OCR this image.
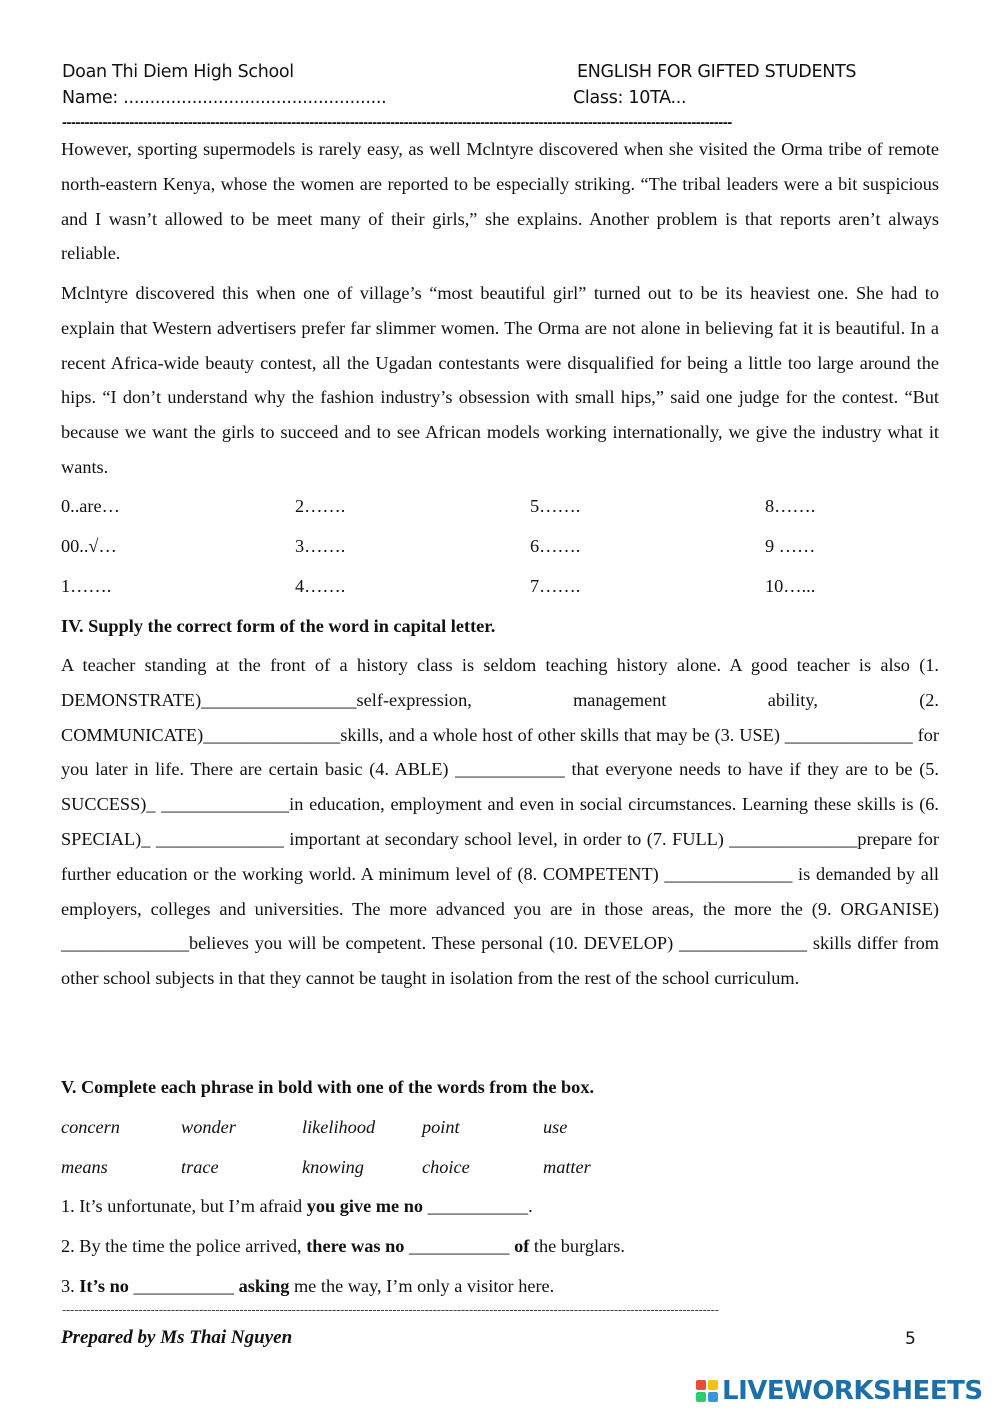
Doan Thi Diem High School	ENGLISH FOR GIFTED STUDENTS
Name: ..................................................	Class: 10TA...
-----------------------------------------------------------------------------------------------------------------------------------------------------

However, sporting supermodels is rarely easy, as well Mclntyre discovered when she visited the Orma tribe of remote north-eastern Kenya, whose the women are reported to be especially striking. “The tribal leaders were a bit suspicious and I wasn’t allowed to be meet many of their girls,” she explains. Another problem is that reports aren’t always reliable.

Mclntyre discovered this when one of village’s “most beautiful girl” turned out to be its heaviest one. She had to explain that Western advertisers prefer far slimmer women. The Orma are not alone in believing fat it is beautiful. In a recent Africa-wide beauty contest, all the Ugadan contestants were disqualified for being a little too large around the hips. “I don’t understand why the fashion industry’s obsession with small hips,” said one judge for the contest. “But because we want the girls to succeed and to see African models working internationally, we give the industry what it wants.

0..are…	2…….	5…….	8…….
00..√…	3…….	6…….	9 ……
1…….	4…….	7…….	10…...
IV. Supply the correct form of the word in capital letter.

A teacher standing at the front of a history class is seldom teaching history alone. A good teacher is also (1. DEMONSTRATE)_________________self-expression, management ability, (2. COMMUNICATE)_______________skills, and a whole host of other skills that may be (3. USE) ______________ for you later in life. There are certain basic (4. ABLE) ____________ that everyone needs to have if they are to be (5. SUCCESS)_ ______________in education, employment and even in social circumstances. Learning these skills is (6. SPECIAL)_ ______________ important at secondary school level, in order to (7. FULL) ______________prepare for further education or the working world. A minimum level of (8. COMPETENT) ______________ is demanded by all employers, colleges and universities. The more advanced you are in those areas, the more the (9. ORGANISE) ______________believes you will be competent. These personal (10. DEVELOP) ______________ skills differ from other school subjects in that they cannot be taught in isolation from the rest of the school curriculum.

V. Complete each phrase in bold with one of the words from the box.
concern	wonder	likelihood	point	use
means	trace	knowing	choice	matter
1. It’s unfortunate, but I’m afraid you give me no ___________.
2. By the time the police arrived, there was no ___________ of the burglars.
3. It’s no ___________ asking me the way, I’m only a visitor here.
-------------------------------------------------------------------------------------------------------------------------------------------------------------------
Prepared by Ms Thai Nguyen	5
LIVEWORKSHEETS
